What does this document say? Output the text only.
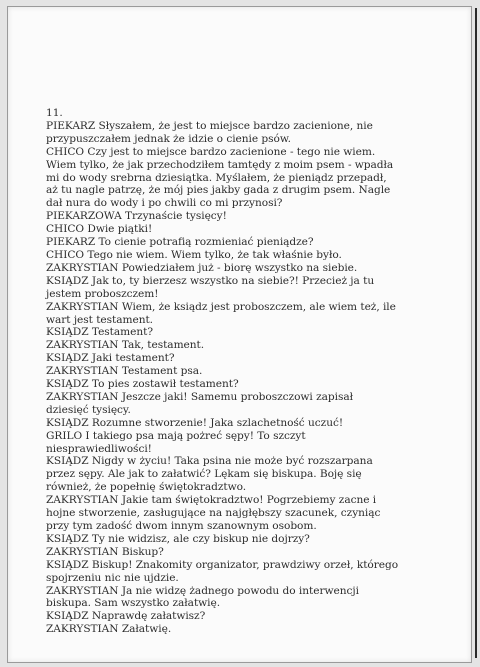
11.
PIEKARZ Słyszałem, że jest to miejsce bardzo zacienione, nie
przypuszczałem jednak że idzie o cienie psów.
CHICO Czy jest to miejsce bardzo zacienione - tego nie wiem.
Wiem tylko, że jak przechodziłem tamtędy z moim psem - wpadła
mi do wody srebrna dziesiątka. Myślałem, że pieniądz przepadł,
aż tu nagle patrzę, że mój pies jakby gada z drugim psem. Nagle
dał nura do wody i po chwili co mi przynosi?
PIEKARZOWA Trzynaście tysięcy!
CHICO Dwie piątki!
PIEKARZ To cienie potrafią rozmieniać pieniądze?
CHICO Tego nie wiem. Wiem tylko, że tak właśnie było.
ZAKRYSTIAN Powiedziałem już - biorę wszystko na siebie.
KSIĄDZ Jak to, ty bierzesz wszystko na siebie?! Przecież ja tu
jestem proboszczem!
ZAKRYSTIAN Wiem, że ksiądz jest proboszczem, ale wiem też, ile
wart jest testament.
KSIĄDZ Testament?
ZAKRYSTIAN Tak, testament.
KSIĄDZ Jaki testament?
ZAKRYSTIAN Testament psa.
KSIĄDZ To pies zostawił testament?
ZAKRYSTIAN Jeszcze jaki! Samemu proboszczowi zapisał
dziesięć tysięcy.
KSIĄDZ Rozumne stworzenie! Jaka szlachetność uczuć!
GRILO I takiego psa mają pożreć sępy! To szczyt
niesprawiedliwości!
KSIĄDZ Nigdy w życiu! Taka psina nie może być rozszarpana
przez sępy. Ale jak to załatwić? Lękam się biskupa. Boję się
również, że popełnię świętokradztwo.
ZAKRYSTIAN Jakie tam świętokradztwo! Pogrzebiemy zacne i
hojne stworzenie, zasługujące na najgłębszy szacunek, czyniąc
przy tym zadość dwom innym szanownym osobom.
KSIĄDZ Ty nie widzisz, ale czy biskup nie dojrzy?
ZAKRYSTIAN Biskup?
KSIĄDZ Biskup! Znakomity organizator, prawdziwy orzeł, którego
spojrzeniu nic nie ujdzie.
ZAKRYSTIAN Ja nie widzę żadnego powodu do interwencji
biskupa. Sam wszystko załatwię.
KSIĄDZ Naprawdę załatwisz?
ZAKRYSTIAN Załatwię.
